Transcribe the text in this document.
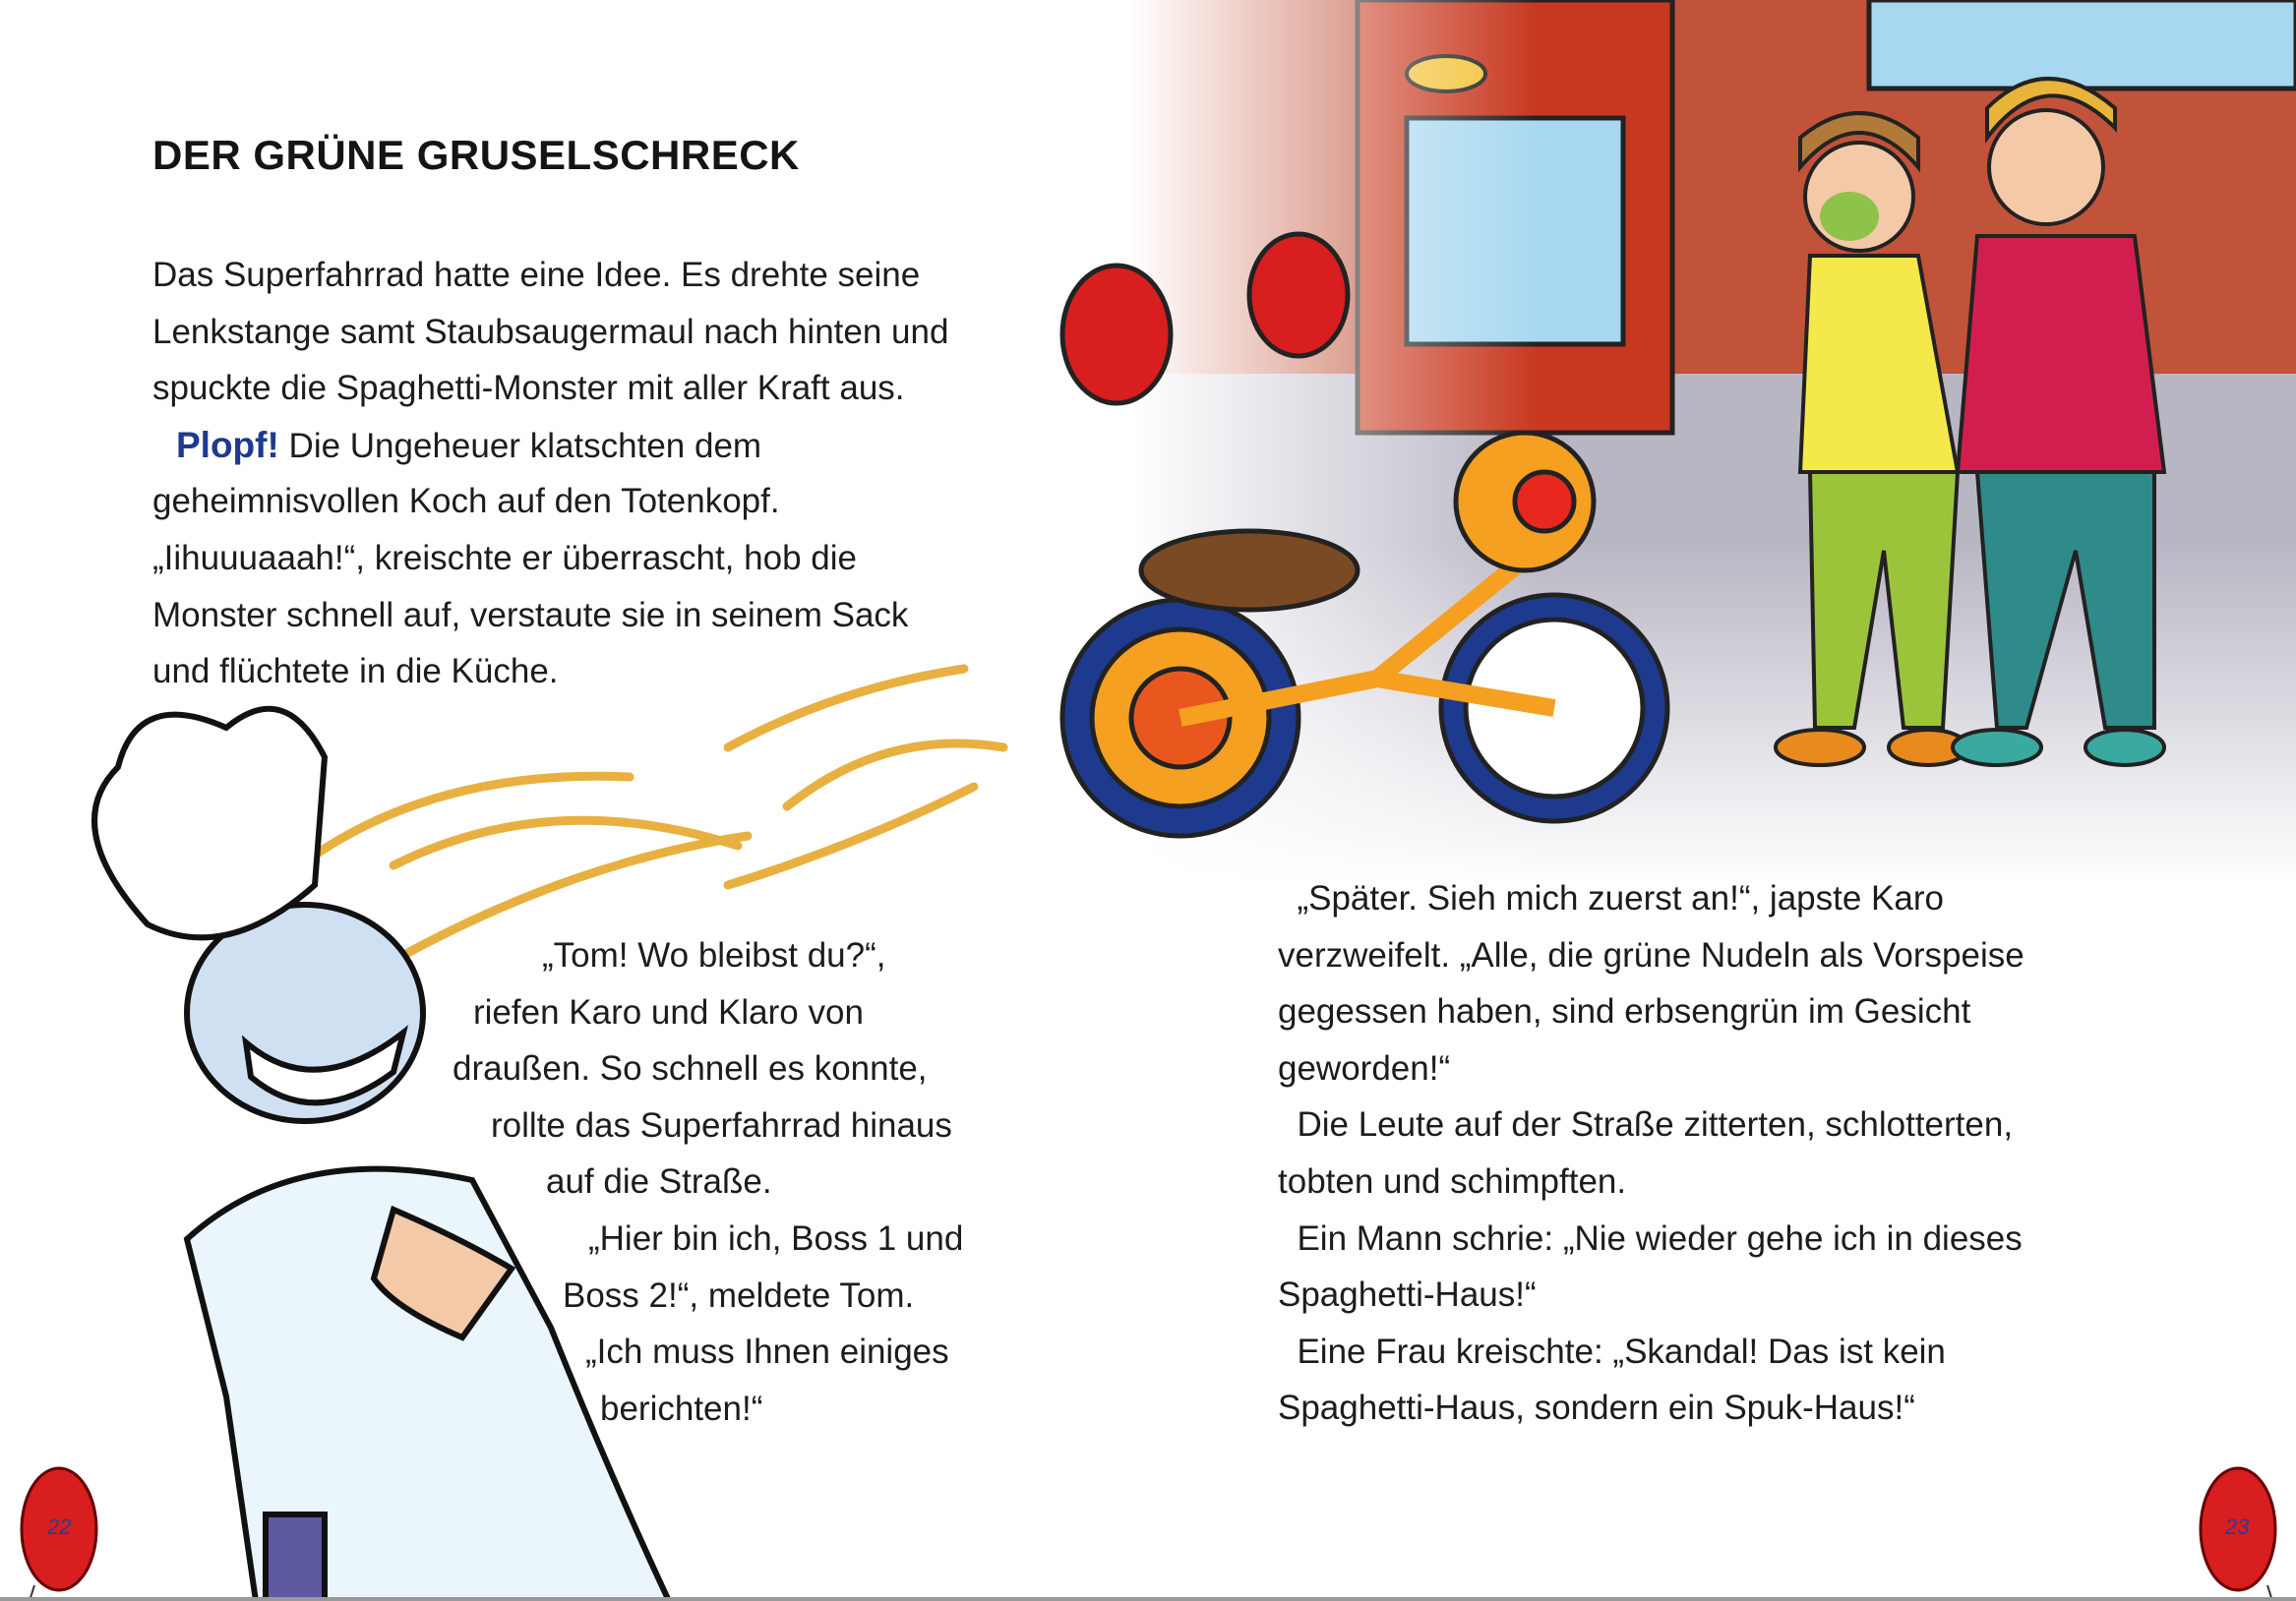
DER GRÜNE GRUSELSCHRECK
Das Superfahrrad hatte eine Idee. Es drehte seine
Lenkstange samt Staubsaugermaul nach hinten und
spuckte die Spaghetti-Monster mit aller Kraft aus.
Plopf! Die Ungeheuer klatschten dem
geheimnisvollen Koch auf den Totenkopf.
„Iihuuuaaah!“, kreischte er überrascht, hob die
Monster schnell auf, verstaute sie in seinem Sack
und flüchtete in die Küche.
„Tom! Wo bleibst du?“,
riefen Karo und Klaro von
draußen. So schnell es konnte,
rollte das Superfahrrad hinaus
auf die Straße.
„Hier bin ich, Boss 1 und
Boss 2!“, meldete Tom.
„Ich muss Ihnen einiges
berichten!“
„Später. Sieh mich zuerst an!“, japste Karo
verzweifelt. „Alle, die grüne Nudeln als Vorspeise
gegessen haben, sind erbsengrün im Gesicht
geworden!“
Die Leute auf der Straße zitterten, schlotterten,
tobten und schimpften.
Ein Mann schrie: „Nie wieder gehe ich in dieses
Spaghetti-Haus!“
Eine Frau kreischte: „Skandal! Das ist kein
Spaghetti-Haus, sondern ein Spuk-Haus!“
22	23
